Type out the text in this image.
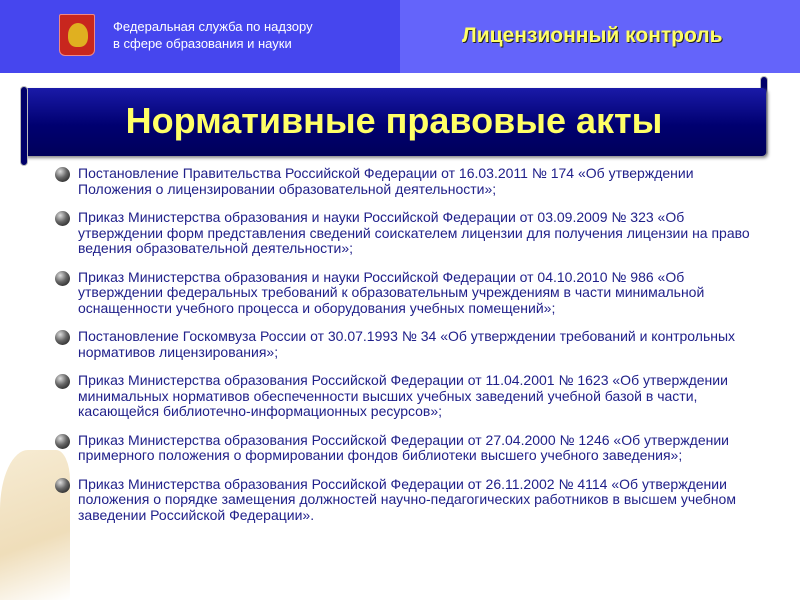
Федеральная служба по надзору
в сфере образования и науки	Лицензионный контроль
Нормативные правовые акты
Постановление Правительства Российской Федерации от 16.03.2011 № 174 «Об утверждении Положения о лицензировании образовательной деятельности»;
Приказ Министерства образования и науки Российской Федерации от 03.09.2009 № 323 «Об утверждении форм представления сведений соискателем лицензии для получения лицензии на право ведения образовательной деятельности»;
Приказ Министерства образования и науки Российской Федерации от 04.10.2010 № 986 «Об утверждении федеральных требований к образовательным учреждениям в части минимальной оснащенности учебного процесса и оборудования учебных помещений»;
Постановление Госкомвуза России от 30.07.1993 № 34 «Об утверждении требований и контрольных нормативов лицензирования»;
Приказ Министерства образования Российской Федерации от 11.04.2001 № 1623 «Об утверждении минимальных нормативов обеспеченности высших учебных заведений учебной базой в части, касающейся библиотечно-информационных ресурсов»;
Приказ Министерства образования Российской Федерации от 27.04.2000 № 1246 «Об утверждении примерного положения о формировании фондов библиотеки высшего учебного заведения»;
Приказ Министерства образования Российской Федерации от 26.11.2002 № 4114 «Об утверждении положения о порядке замещения должностей научно-педагогических работников в высшем учебном заведении Российской Федерации».
